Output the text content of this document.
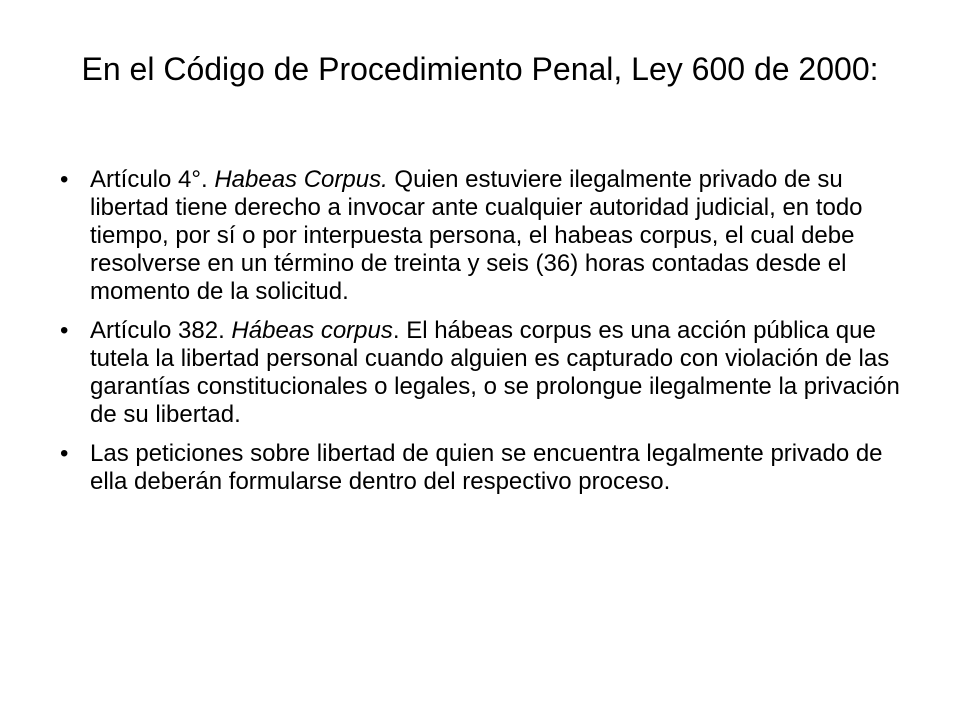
En el Código de Procedimiento Penal, Ley 600 de 2000:
• Artículo 4°. Habeas Corpus. Quien estuviere ilegalmente privado de su libertad tiene derecho a invocar ante cualquier autoridad judicial, en todo tiempo, por sí o por interpuesta persona, el habeas corpus, el cual debe resolverse en un término de treinta y seis (36) horas contadas desde el momento de la solicitud.
• Artículo 382. Hábeas corpus. El hábeas corpus es una acción pública que tutela la libertad personal cuando alguien es capturado con violación de las garantías constitucionales o legales, o se prolongue ilegalmente la privación de su libertad.
• Las peticiones sobre libertad de quien se encuentra legalmente privado de ella deberán formularse dentro del respectivo proceso.
